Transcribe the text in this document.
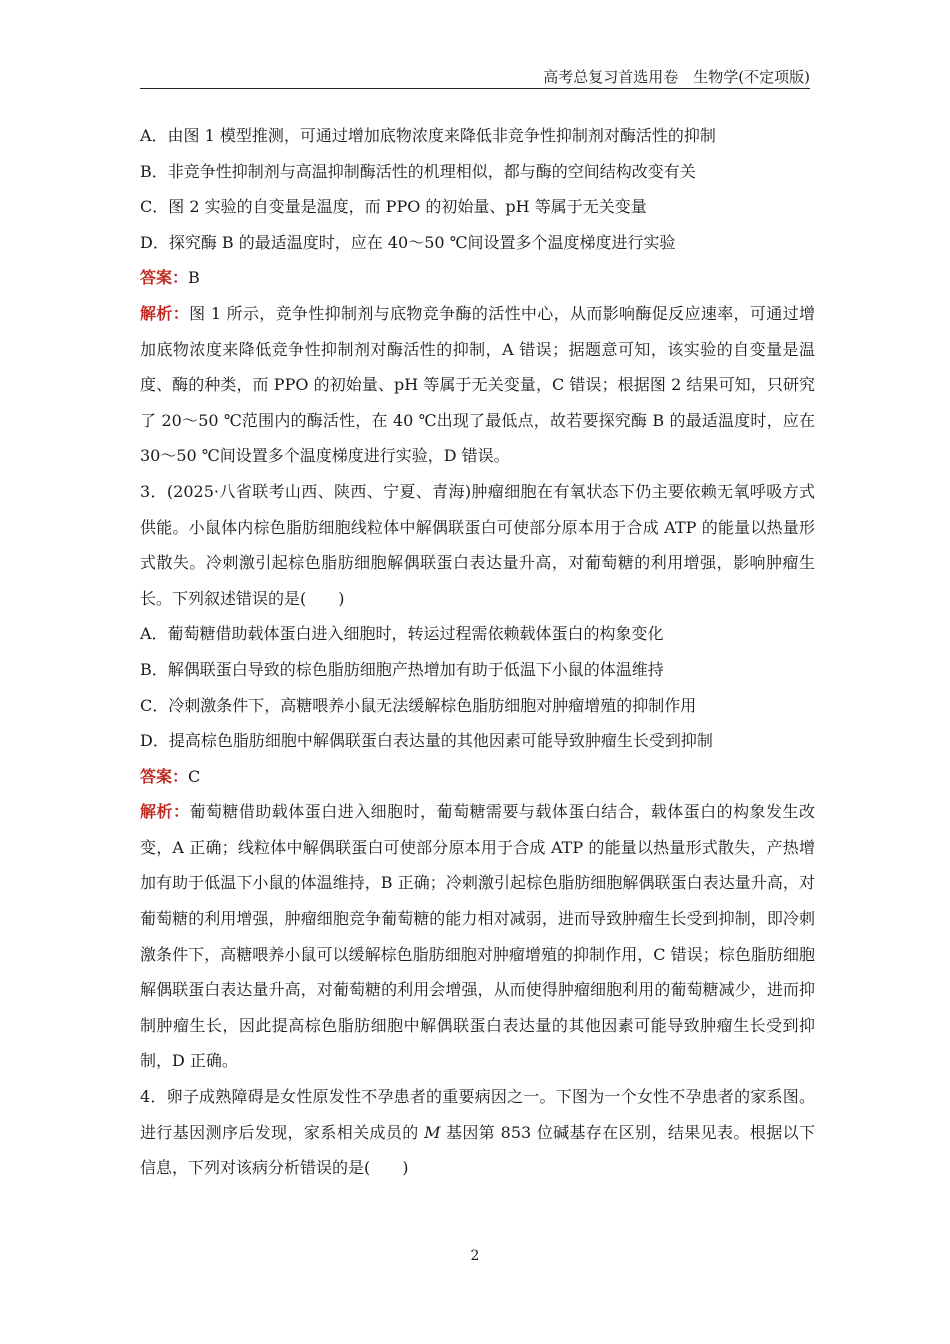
高考总复习首选用卷　生物学(不定项版)

A．由图 1 模型推测，可通过增加底物浓度来降低非竞争性抑制剂对酶活性的抑制

B．非竞争性抑制剂与高温抑制酶活性的机理相似，都与酶的空间结构改变有关

C．图 2 实验的自变量是温度，而 PPO 的初始量、pH 等属于无关变量

D．探究酶 B 的最适温度时，应在 40～50 ℃间设置多个温度梯度进行实验

答案：B

解析：图 1 所示，竞争性抑制剂与底物竞争酶的活性中心，从而影响酶促反应速率，可通过增加底物浓度来降低竞争性抑制剂对酶活性的抑制，A 错误；据题意可知，该实验的自变量是温度、酶的种类，而 PPO 的初始量、pH 等属于无关变量，C 错误；根据图 2 结果可知，只研究了 20～50 ℃范围内的酶活性，在 40 ℃出现了最低点，故若要探究酶 B 的最适温度时，应在 30～50 ℃间设置多个温度梯度进行实验，D 错误。

3．(2025·八省联考山西、陕西、宁夏、青海)肿瘤细胞在有氧状态下仍主要依赖无氧呼吸方式供能。小鼠体内棕色脂肪细胞线粒体中解偶联蛋白可使部分原本用于合成 ATP 的能量以热量形式散失。冷刺激引起棕色脂肪细胞解偶联蛋白表达量升高，对葡萄糖的利用增强，影响肿瘤生长。下列叙述错误的是(　　)

A．葡萄糖借助载体蛋白进入细胞时，转运过程需依赖载体蛋白的构象变化

B．解偶联蛋白导致的棕色脂肪细胞产热增加有助于低温下小鼠的体温维持

C．冷刺激条件下，高糖喂养小鼠无法缓解棕色脂肪细胞对肿瘤增殖的抑制作用

D．提高棕色脂肪细胞中解偶联蛋白表达量的其他因素可能导致肿瘤生长受到抑制

答案：C

解析：葡萄糖借助载体蛋白进入细胞时，葡萄糖需要与载体蛋白结合，载体蛋白的构象发生改变，A 正确；线粒体中解偶联蛋白可使部分原本用于合成 ATP 的能量以热量形式散失，产热增加有助于低温下小鼠的体温维持，B 正确；冷刺激引起棕色脂肪细胞解偶联蛋白表达量升高，对葡萄糖的利用增强，肿瘤细胞竞争葡萄糖的能力相对减弱，进而导致肿瘤生长受到抑制，即冷刺激条件下，高糖喂养小鼠可以缓解棕色脂肪细胞对肿瘤增殖的抑制作用，C 错误；棕色脂肪细胞解偶联蛋白表达量升高，对葡萄糖的利用会增强，从而使得肿瘤细胞利用的葡萄糖减少，进而抑制肿瘤生长，因此提高棕色脂肪细胞中解偶联蛋白表达量的其他因素可能导致肿瘤生长受到抑制，D 正确。

4．卵子成熟障碍是女性原发性不孕患者的重要病因之一。下图为一个女性不孕患者的家系图。进行基因测序后发现，家系相关成员的 M 基因第 853 位碱基存在区别，结果见表。根据以下信息，下列对该病分析错误的是(　　)

2
